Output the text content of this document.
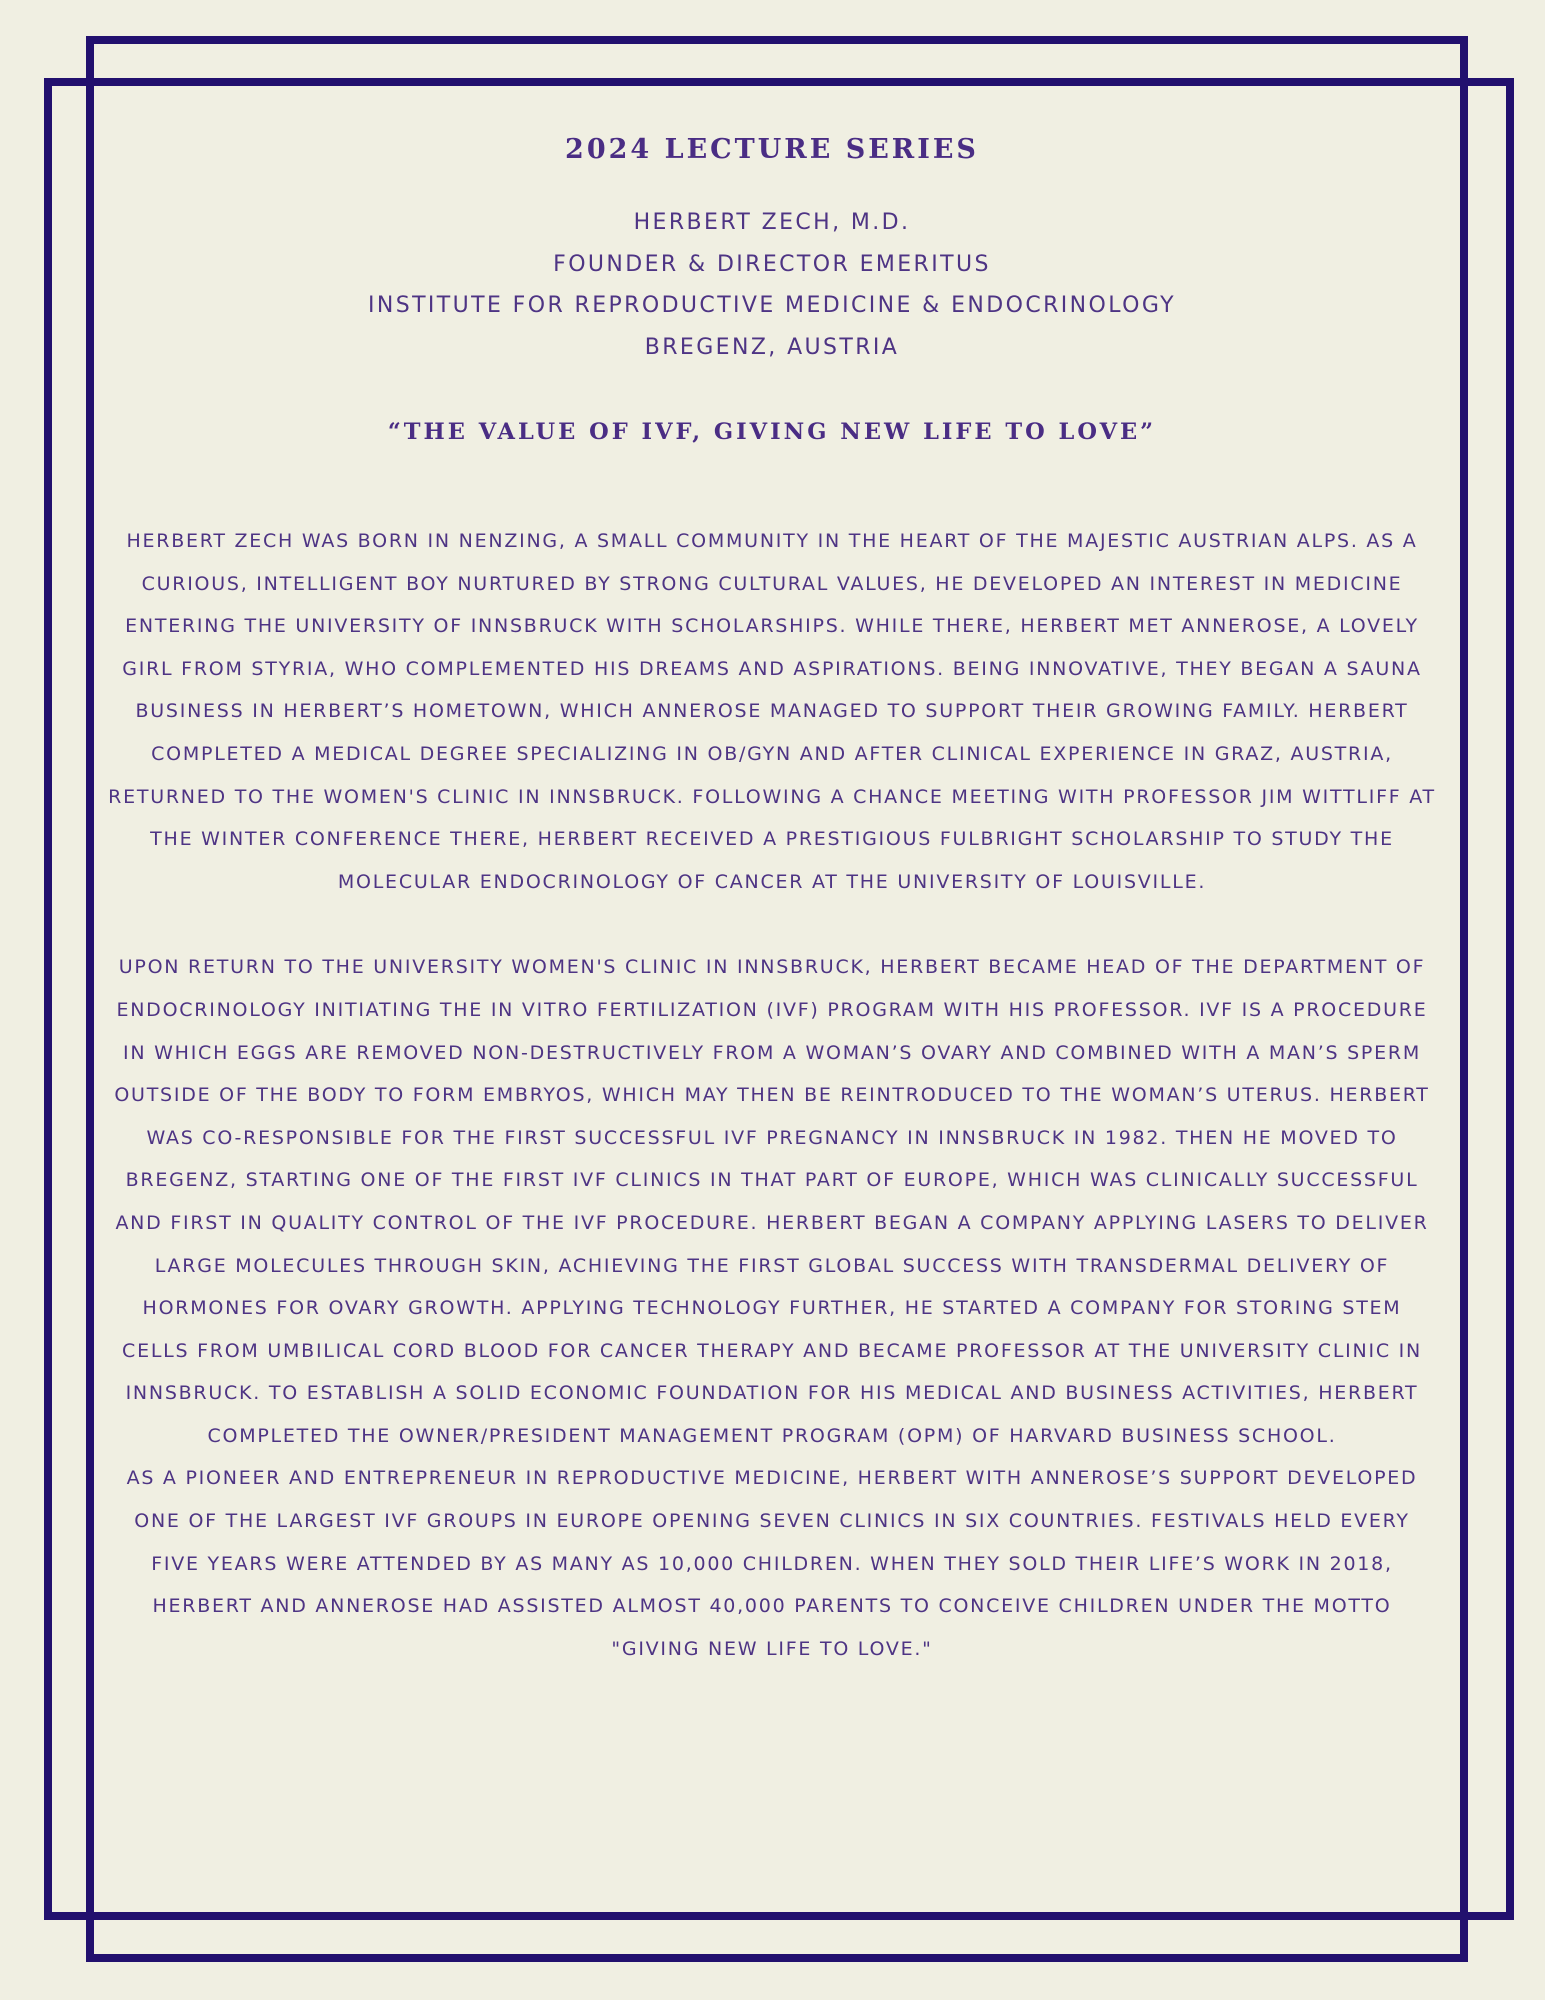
2024 LECTURE SERIES

HERBERT ZECH, M.D.

FOUNDER & DIRECTOR EMERITUS

INSTITUTE FOR REPRODUCTIVE MEDICINE & ENDOCRINOLOGY

BREGENZ, AUSTRIA

“THE VALUE OF IVF, GIVING NEW LIFE TO LOVE”

HERBERT ZECH WAS BORN IN NENZING, A SMALL COMMUNITY IN THE HEART OF THE MAJESTIC AUSTRIAN ALPS. AS A CURIOUS, INTELLIGENT BOY NURTURED BY STRONG CULTURAL VALUES, HE DEVELOPED AN INTEREST IN MEDICINE ENTERING THE UNIVERSITY OF INNSBRUCK WITH SCHOLARSHIPS. WHILE THERE, HERBERT MET ANNEROSE, A LOVELY GIRL FROM STYRIA, WHO COMPLEMENTED HIS DREAMS AND ASPIRATIONS. BEING INNOVATIVE, THEY BEGAN A SAUNA BUSINESS IN HERBERT’S HOMETOWN, WHICH ANNEROSE MANAGED TO SUPPORT THEIR GROWING FAMILY. HERBERT COMPLETED A MEDICAL DEGREE SPECIALIZING IN OB/GYN AND AFTER CLINICAL EXPERIENCE IN GRAZ, AUSTRIA, RETURNED TO THE WOMEN'S CLINIC IN INNSBRUCK. FOLLOWING A CHANCE MEETING WITH PROFESSOR JIM WITTLIFF AT THE WINTER CONFERENCE THERE, HERBERT RECEIVED A PRESTIGIOUS FULBRIGHT SCHOLARSHIP TO STUDY THE MOLECULAR ENDOCRINOLOGY OF CANCER AT THE UNIVERSITY OF LOUISVILLE.

UPON RETURN TO THE UNIVERSITY WOMEN'S CLINIC IN INNSBRUCK, HERBERT BECAME HEAD OF THE DEPARTMENT OF ENDOCRINOLOGY INITIATING THE IN VITRO FERTILIZATION (IVF) PROGRAM WITH HIS PROFESSOR. IVF IS A PROCEDURE IN WHICH EGGS ARE REMOVED NON-DESTRUCTIVELY FROM A WOMAN’S OVARY AND COMBINED WITH A MAN’S SPERM OUTSIDE OF THE BODY TO FORM EMBRYOS, WHICH MAY THEN BE REINTRODUCED TO THE WOMAN’S UTERUS. HERBERT WAS CO-RESPONSIBLE FOR THE FIRST SUCCESSFUL IVF PREGNANCY IN INNSBRUCK IN 1982. THEN HE MOVED TO BREGENZ, STARTING ONE OF THE FIRST IVF CLINICS IN THAT PART OF EUROPE, WHICH WAS CLINICALLY SUCCESSFUL AND FIRST IN QUALITY CONTROL OF THE IVF PROCEDURE. HERBERT BEGAN A COMPANY APPLYING LASERS TO DELIVER LARGE MOLECULES THROUGH SKIN, ACHIEVING THE FIRST GLOBAL SUCCESS WITH TRANSDERMAL DELIVERY OF HORMONES FOR OVARY GROWTH. APPLYING TECHNOLOGY FURTHER, HE STARTED A COMPANY FOR STORING STEM CELLS FROM UMBILICAL CORD BLOOD FOR CANCER THERAPY AND BECAME PROFESSOR AT THE UNIVERSITY CLINIC IN INNSBRUCK. TO ESTABLISH A SOLID ECONOMIC FOUNDATION FOR HIS MEDICAL AND BUSINESS ACTIVITIES, HERBERT COMPLETED THE OWNER/PRESIDENT MANAGEMENT PROGRAM (OPM) OF HARVARD BUSINESS SCHOOL.

AS A PIONEER AND ENTREPRENEUR IN REPRODUCTIVE MEDICINE, HERBERT WITH ANNEROSE’S SUPPORT DEVELOPED ONE OF THE LARGEST IVF GROUPS IN EUROPE OPENING SEVEN CLINICS IN SIX COUNTRIES. FESTIVALS HELD EVERY FIVE YEARS WERE ATTENDED BY AS MANY AS 10,000 CHILDREN. WHEN THEY SOLD THEIR LIFE’S WORK IN 2018, HERBERT AND ANNEROSE HAD ASSISTED ALMOST 40,000 PARENTS TO CONCEIVE CHILDREN UNDER THE MOTTO "GIVING NEW LIFE TO LOVE."
